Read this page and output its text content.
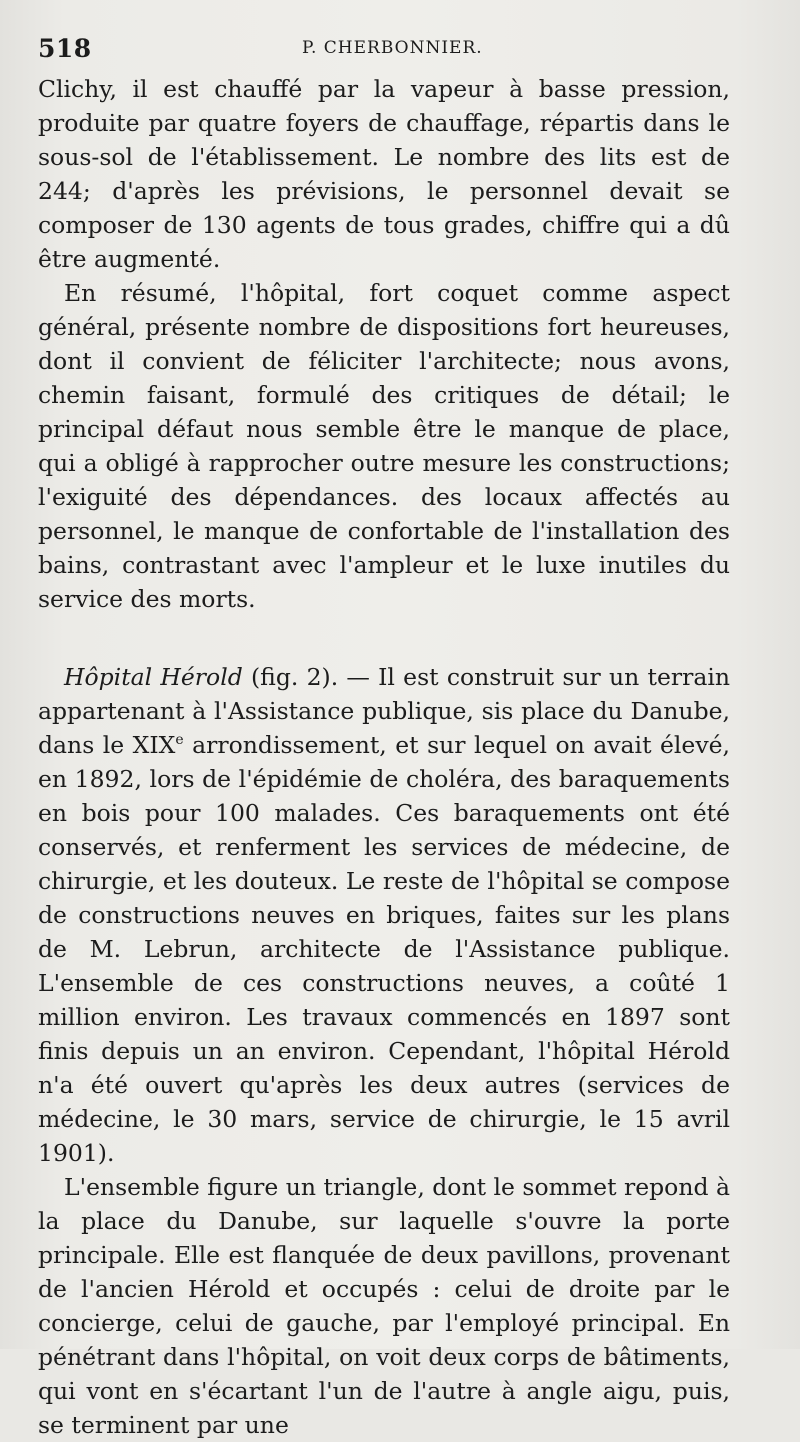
518	P. CHERBONNIER.

Clichy, il est chauffé par la vapeur à basse pression, produite par quatre foyers de chauffage, répartis dans le sous-sol de l'établissement. Le nombre des lits est de 244; d'après les prévisions, le personnel devait se composer de 130 agents de tous grades, chiffre qui a dû être augmenté.

En résumé, l'hôpital, fort coquet comme aspect général, présente nombre de dispositions fort heureuses, dont il convient de féliciter l'architecte; nous avons, chemin faisant, formulé des critiques de détail; le principal défaut nous semble être le manque de place, qui a obligé à rapprocher outre mesure les constructions; l'exiguité des dépendances. des locaux affectés au personnel, le manque de confortable de l'installation des bains, contrastant avec l'ampleur et le luxe inutiles du service des morts.

Hôpital Hérold (fig. 2). — Il est construit sur un terrain appartenant à l'Assistance publique, sis place du Danube, dans le XIXe arrondissement, et sur lequel on avait élevé, en 1892, lors de l'épidémie de choléra, des baraquements en bois pour 100 malades. Ces baraquements ont été conservés, et renferment les services de médecine, de chirurgie, et les douteux. Le reste de l'hôpital se compose de constructions neuves en briques, faites sur les plans de M. Lebrun, architecte de l'Assistance publique. L'ensemble de ces constructions neuves, a coûté 1 million environ. Les travaux commencés en 1897 sont finis depuis un an environ. Cependant, l'hôpital Hérold n'a été ouvert qu'après les deux autres (services de médecine, le 30 mars, service de chirurgie, le 15 avril 1901).

L'ensemble figure un triangle, dont le sommet repond à la place du Danube, sur laquelle s'ouvre la porte principale. Elle est flanquée de deux pavillons, provenant de l'ancien Hérold et occupés : celui de droite par le concierge, celui de gauche, par l'employé principal. En pénétrant dans l'hôpital, on voit deux corps de bâtiments, qui vont en s'écartant l'un de l'autre à angle aigu, puis, se terminent par une
